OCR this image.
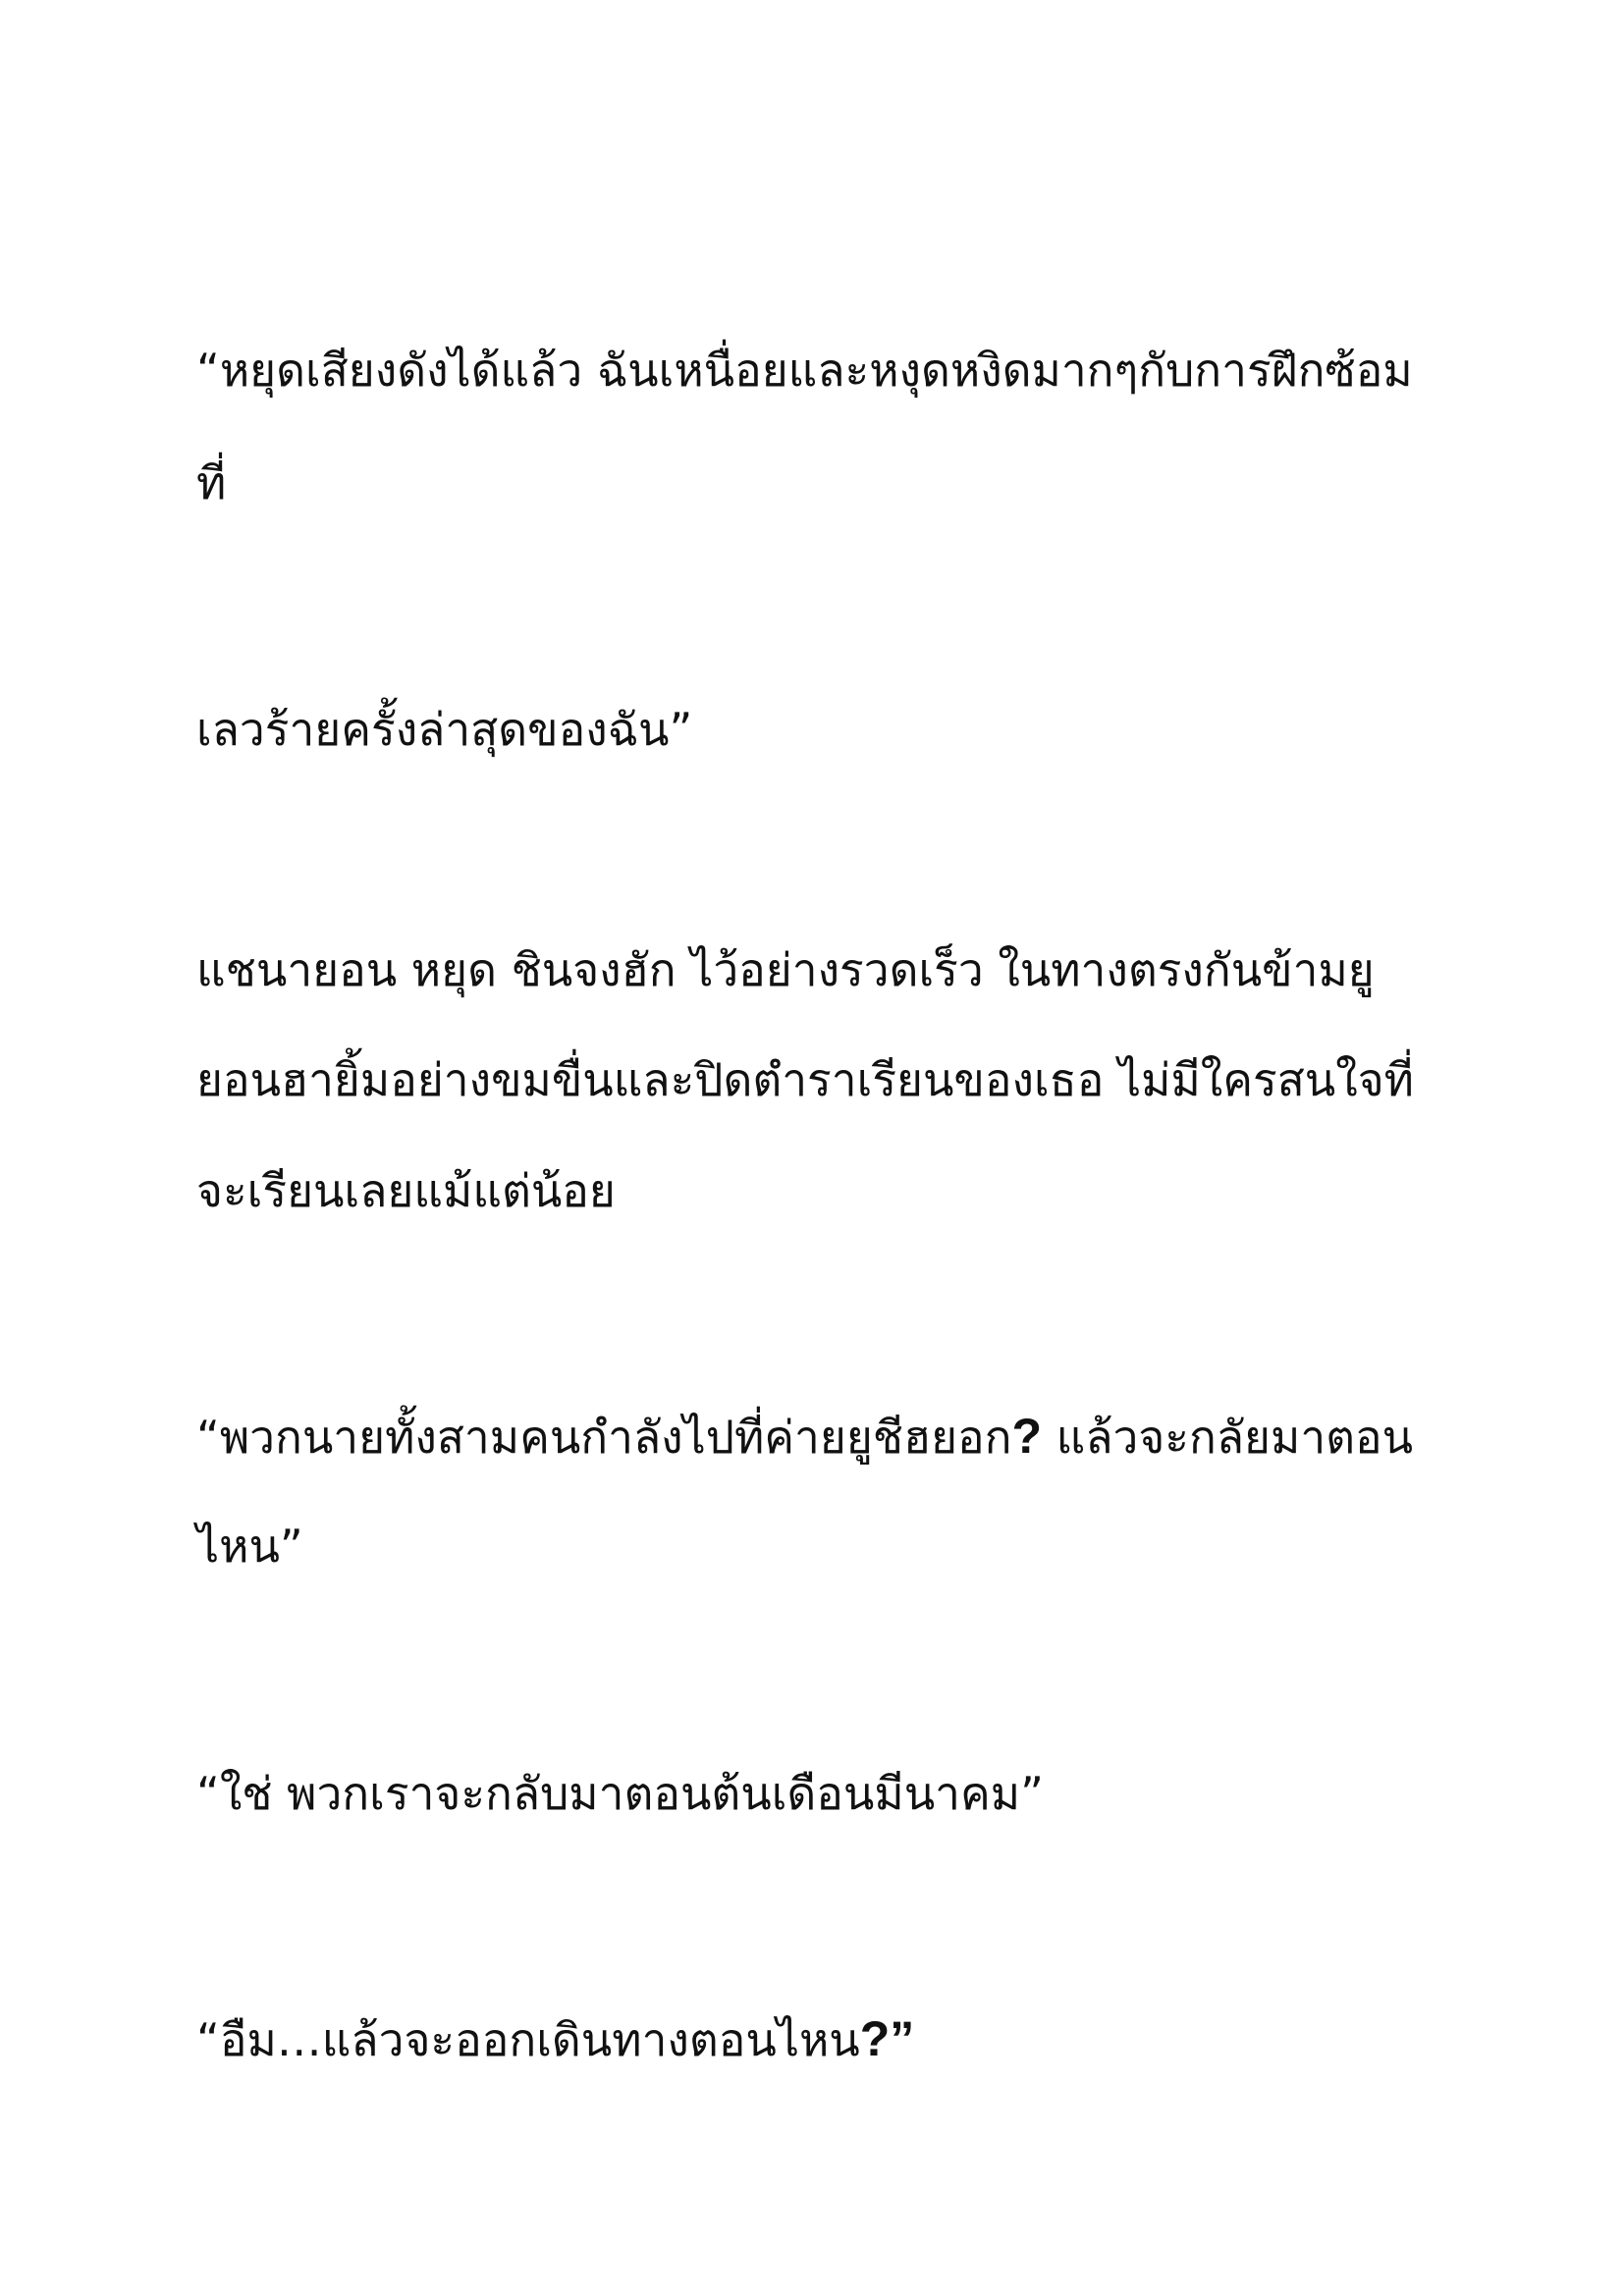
“หยุดเสียงดังได้แล้ว ฉันเหนื่อยและหงุดหงิดมากๆกับการฝึกซ้อม
ที่
เลวร้ายครั้งล่าสุดของฉัน”
แชนายอน หยุด ชินจงฮัก ไว้อย่างรวดเร็ว ในทางตรงกันข้ามยู
ยอนฮายิ้มอย่างขมขื่นและปิดตำราเรียนของเธอ ไม่มีใครสนใจที่
จะเรียนเลยแม้แต่น้อย
“พวกนายทั้งสามคนกำลังไปที่ค่ายยูชีฮยอก? แล้วจะกลัยมาตอน
ไหน”
“ใช่ พวกเราจะกลับมาตอนต้นเดือนมีนาคม”
“อืม…แล้วจะออกเดินทางตอนไหน?”
